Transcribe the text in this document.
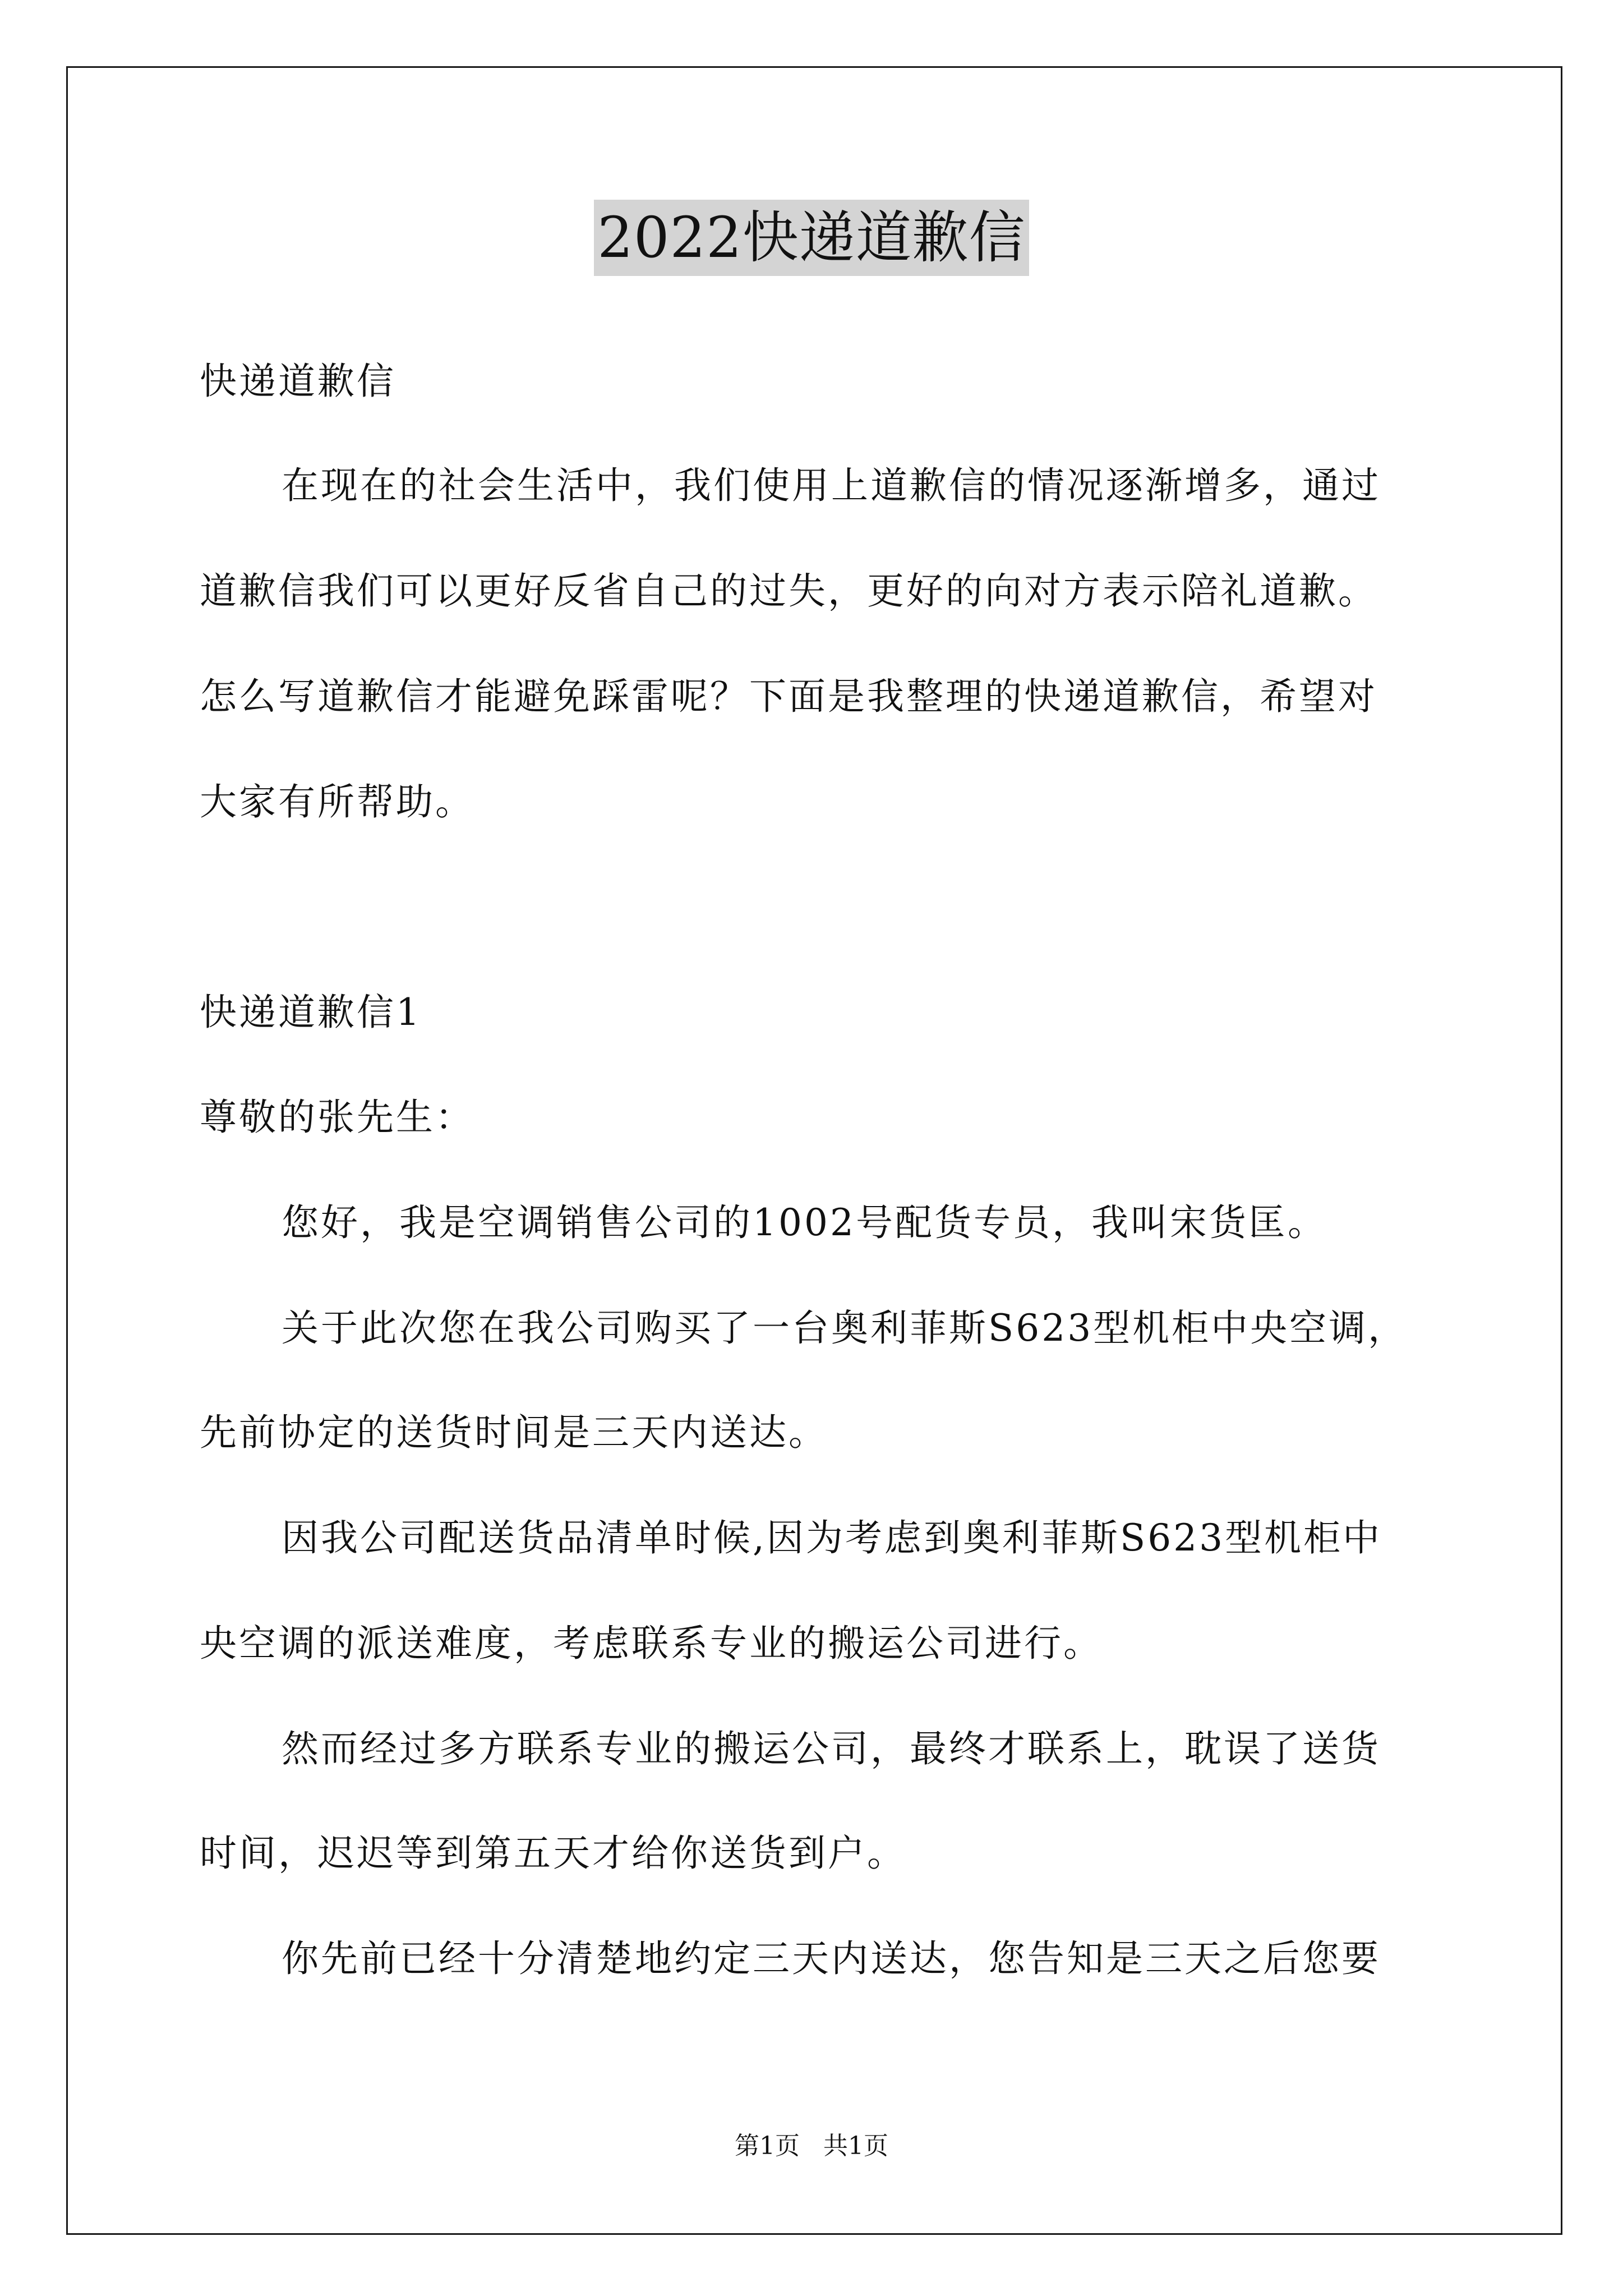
2022快递道歉信
快递道歉信
在现在的社会生活中，我们使用上道歉信的情况逐渐增多，通过
道歉信我们可以更好反省自己的过失，更好的向对方表示陪礼道歉。
怎么写道歉信才能避免踩雷呢？下面是我整理的快递道歉信，希望对
大家有所帮助。
快递道歉信1
尊敬的张先生：
您好，我是空调销售公司的1002号配货专员，我叫宋货匡。
关于此次您在我公司购买了一台奥利菲斯S623型机柜中央空调，
先前协定的送货时间是三天内送达。
因我公司配送货品清单时候,因为考虑到奥利菲斯S623型机柜中
央空调的派送难度，考虑联系专业的搬运公司进行。
然而经过多方联系专业的搬运公司，最终才联系上，耽误了送货
时间，迟迟等到第五天才给你送货到户。
你先前已经十分清楚地约定三天内送达，您告知是三天之后您要
第1页   共1页
